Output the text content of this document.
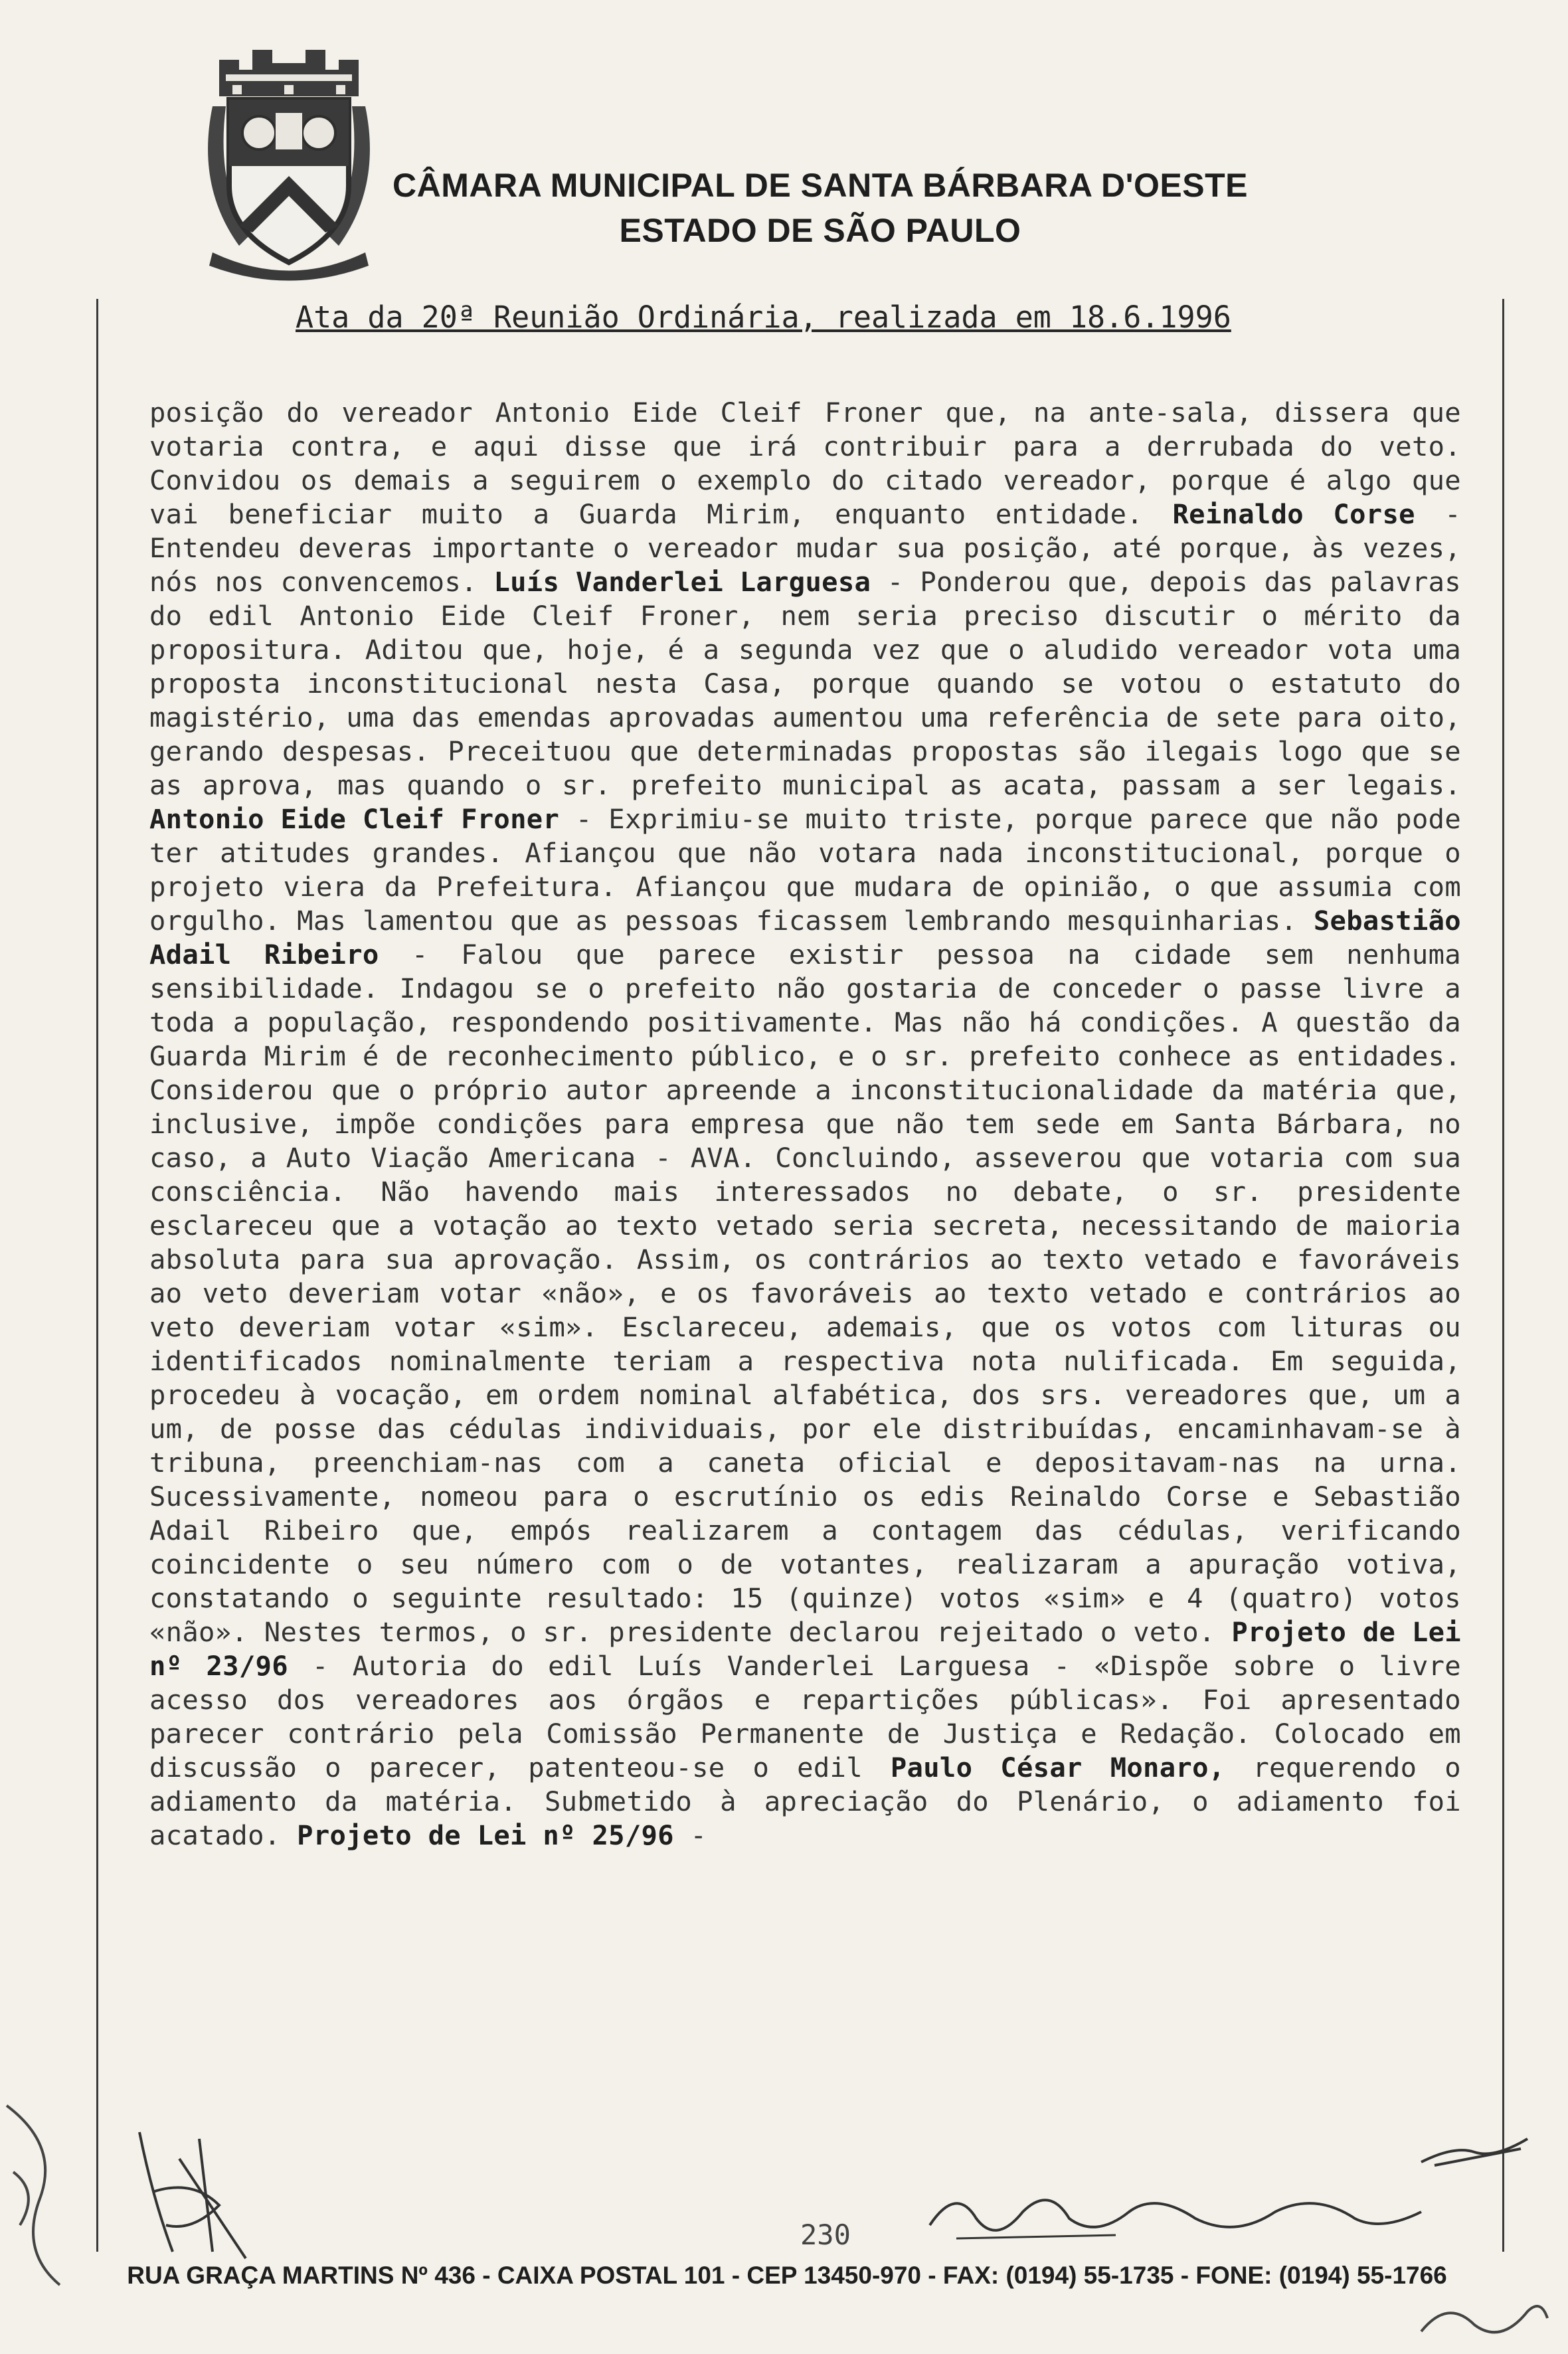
CÂMARA MUNICIPAL DE SANTA BÁRBARA D'OESTE
ESTADO DE SÃO PAULO
Ata da 20ª Reunião Ordinária, realizada em 18.6.1996
posição do vereador Antonio Eide Cleif Froner que, na ante-sala, dissera que votaria contra, e aqui disse que irá contribuir para a derrubada do veto. Convidou os demais a seguirem o exemplo do citado vereador, porque é algo que vai beneficiar muito a Guarda Mirim, enquanto entidade. Reinaldo Corse - Entendeu deveras importante o vereador mudar sua posição, até porque, às vezes, nós nos convencemos. Luís Vanderlei Larguesa - Ponderou que, depois das palavras do edil Antonio Eide Cleif Froner, nem seria preciso discutir o mérito da propositura. Aditou que, hoje, é a segunda vez que o aludido vereador vota uma proposta inconstitucional nesta Casa, porque quando se votou o estatuto do magistério, uma das emendas aprovadas aumentou uma referência de sete para oito, gerando despesas. Preceituou que determinadas propostas são ilegais logo que se as aprova, mas quando o sr. prefeito municipal as acata, passam a ser legais. Antonio Eide Cleif Froner - Exprimiu-se muito triste, porque parece que não pode ter atitudes grandes. Afiançou que não votara nada inconstitucional, porque o projeto viera da Prefeitura. Afiançou que mudara de opinião, o que assumia com orgulho. Mas lamentou que as pessoas ficassem lembrando mesquinharias. Sebastião Adail Ribeiro - Falou que parece existir pessoa na cidade sem nenhuma sensibilidade. Indagou se o prefeito não gostaria de conceder o passe livre a toda a população, respondendo positivamente. Mas não há condições. A questão da Guarda Mirim é de reconhecimento público, e o sr. prefeito conhece as entidades. Considerou que o próprio autor apreende a inconstitucionalidade da matéria que, inclusive, impõe condições para empresa que não tem sede em Santa Bárbara, no caso, a Auto Viação Americana - AVA. Concluindo, asseverou que votaria com sua consciência. Não havendo mais interessados no debate, o sr. presidente esclareceu que a votação ao texto vetado seria secreta, necessitando de maioria absoluta para sua aprovação. Assim, os contrários ao texto vetado e favoráveis ao veto deveriam votar «não», e os favoráveis ao texto vetado e contrários ao veto deveriam votar «sim». Esclareceu, ademais, que os votos com lituras ou identificados nominalmente teriam a respectiva nota nulificada. Em seguida, procedeu à vocação, em ordem nominal alfabética, dos srs. vereadores que, um a um, de posse das cédulas individuais, por ele distribuídas, encaminhavam-se à tribuna, preenchiam-nas com a caneta oficial e depositavam-nas na urna. Sucessivamente, nomeou para o escrutínio os edis Reinaldo Corse e Sebastião Adail Ribeiro que, empós realizarem a contagem das cédulas, verificando coincidente o seu número com o de votantes, realizaram a apuração votiva, constatando o seguinte resultado: 15 (quinze) votos «sim» e 4 (quatro) votos «não». Nestes termos, o sr. presidente declarou rejeitado o veto. Projeto de Lei nº 23/96 - Autoria do edil Luís Vanderlei Larguesa - «Dispõe sobre o livre acesso dos vereadores aos órgãos e repartições públicas». Foi apresentado parecer contrário pela Comissão Permanente de Justiça e Redação. Colocado em discussão o parecer, patenteou-se o edil Paulo César Monaro, requerendo o adiamento da matéria. Submetido à apreciação do Plenário, o adiamento foi acatado. Projeto de Lei nº 25/96 -
230
RUA GRAÇA MARTINS Nº 436 - CAIXA POSTAL 101 - CEP 13450-970 - FAX: (0194) 55-1735 - FONE: (0194) 55-1766
